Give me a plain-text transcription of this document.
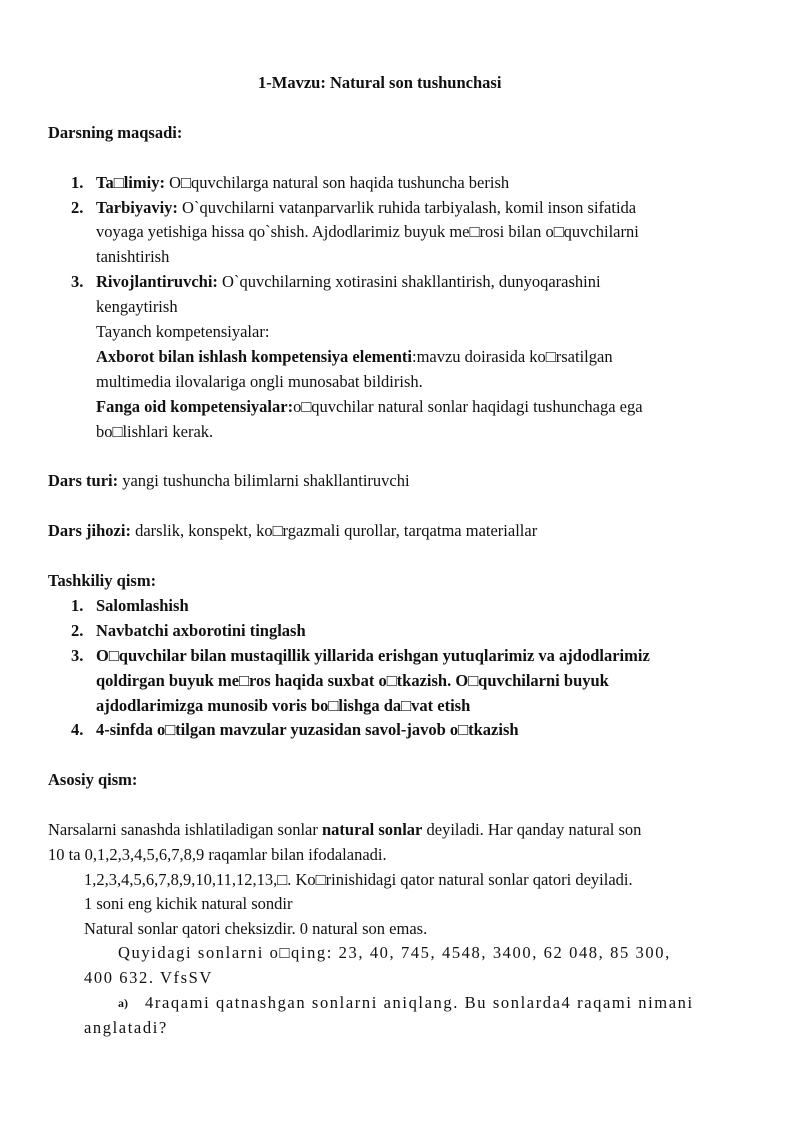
1-Mavzu: Natural son tushunchasi
Darsning maqsadi:
1. Ta□limiy: O□quvchilarga natural son haqida tushuncha berish
2. Tarbiyaviy: O`quvchilarni vatanparvarlik ruhida tarbiyalash, komil inson sifatida
voyaga yetishiga hissa qo`shish. Ajdodlarimiz buyuk me□rosi bilan o□quvchilarni
tanishtirish
3. Rivojlantiruvchi: O`quvchilarning xotirasini shakllantirish, dunyoqarashini
kengaytirish
Tayanch kompetensiyalar:
Axborot bilan ishlash kompetensiya elementi:mavzu doirasida ko□rsatilgan
multimedia ilovalariga ongli munosabat bildirish.
Fanga oid kompetensiyalar:o□quvchilar natural sonlar haqidagi tushunchaga ega
bo□lishlari kerak.
Dars turi: yangi tushuncha bilimlarni shakllantiruvchi
Dars jihozi: darslik, konspekt, ko□rgazmali qurollar, tarqatma materiallar
Tashkiliy qism:
1. Salomlashish
2. Navbatchi axborotini tinglash
3. O□quvchilar bilan mustaqillik yillarida erishgan yutuqlarimiz va ajdodlarimiz
qoldirgan buyuk me□ros haqida suxbat o□tkazish. O□quvchilarni buyuk
ajdodlarimizga munosib voris bo□lishga da□vat etish
4. 4-sinfda o□tilgan mavzular yuzasidan savol-javob o□tkazish
Asosiy qism:
Narsalarni sanashda ishlatiladigan sonlar natural sonlar deyiladi. Har qanday natural son
10 ta 0,1,2,3,4,5,6,7,8,9 raqamlar bilan ifodalanadi.
1,2,3,4,5,6,7,8,9,10,11,12,13,□. Ko□rinishidagi qator natural sonlar qatori deyiladi.
1 soni eng kichik natural sondir
Natural sonlar qatori cheksizdir. 0 natural son emas.
Quyidagi sonlarni o□qing: 23, 40, 745, 4548, 3400, 62 048, 85 300,
400 632. VfsSV
a) 4raqami qatnashgan sonlarni aniqlang. Bu sonlarda4 raqami nimani
anglatadi?
